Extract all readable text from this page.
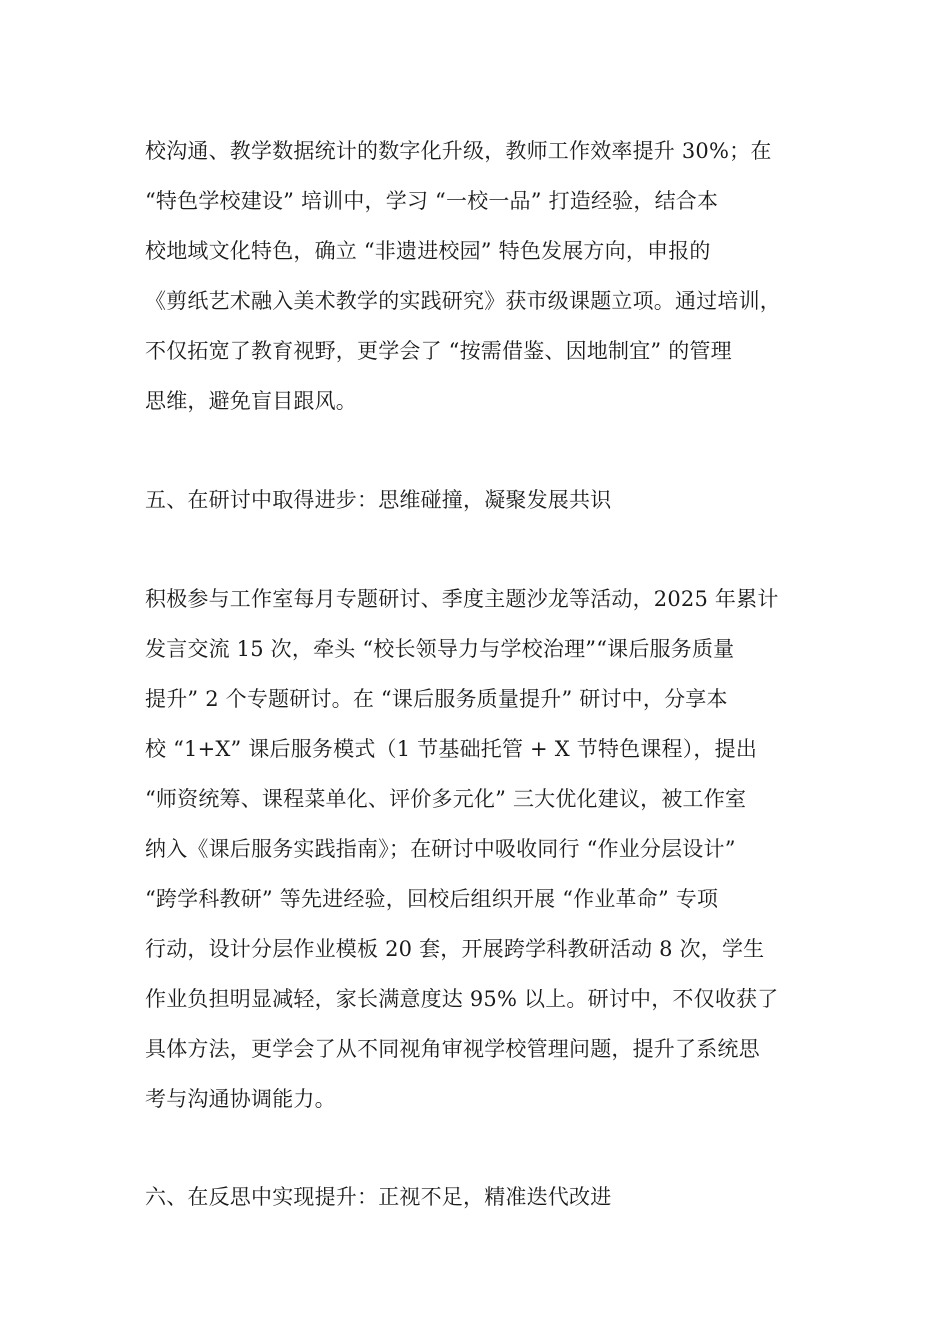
校沟通、教学数据统计的数字化升级，教师工作效率提升 30%；在
“特色学校建设” 培训中，学习 “一校一品” 打造经验，结合本
校地域文化特色，确立 “非遗进校园” 特色发展方向，申报的
《剪纸艺术融入美术教学的实践研究》获市级课题立项。通过培训，
不仅拓宽了教育视野，更学会了 “按需借鉴、因地制宜” 的管理
思维，避免盲目跟风。
五、在研讨中取得进步：思维碰撞，凝聚发展共识
积极参与工作室每月专题研讨、季度主题沙龙等活动，2025 年累计
发言交流 15 次，牵头 “校长领导力与学校治理”“课后服务质量
提升” 2 个专题研讨。在 “课后服务质量提升” 研讨中，分享本
校 “1+X” 课后服务模式（1 节基础托管 + X 节特色课程），提出
“师资统筹、课程菜单化、评价多元化” 三大优化建议，被工作室
纳入《课后服务实践指南》；在研讨中吸收同行 “作业分层设计”
“跨学科教研” 等先进经验，回校后组织开展 “作业革命” 专项
行动，设计分层作业模板 20 套，开展跨学科教研活动 8 次，学生
作业负担明显减轻，家长满意度达 95% 以上。研讨中，不仅收获了
具体方法，更学会了从不同视角审视学校管理问题，提升了系统思
考与沟通协调能力。
六、在反思中实现提升：正视不足，精准迭代改进
